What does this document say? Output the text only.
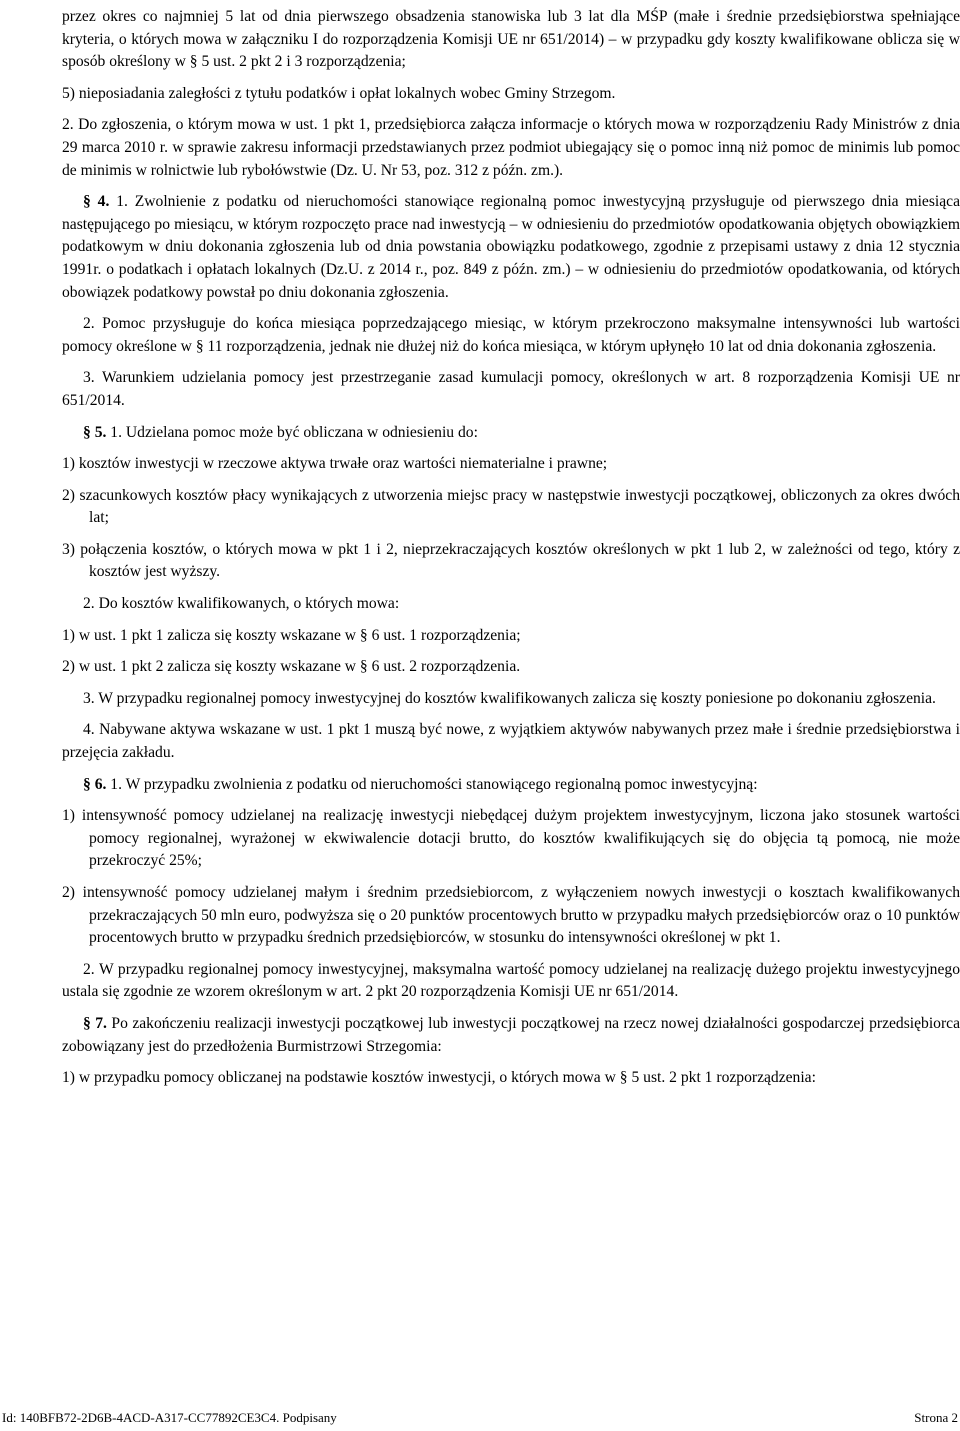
przez okres co najmniej 5 lat od dnia pierwszego obsadzenia stanowiska lub 3 lat dla MŚP (małe i średnie przedsiębiorstwa spełniające kryteria, o których mowa w załączniku I do rozporządzenia Komisji UE nr 651/2014) – w przypadku gdy koszty kwalifikowane oblicza się w sposób określony w § 5 ust. 2 pkt 2 i 3 rozporządzenia;

5) nieposiadania zaległości z tytułu podatków i opłat lokalnych wobec Gminy Strzegom.

2. Do zgłoszenia, o którym mowa w ust. 1 pkt 1, przedsiębiorca załącza informacje o których mowa w rozporządzeniu Rady Ministrów z dnia 29 marca 2010 r. w sprawie zakresu informacji przedstawianych przez podmiot ubiegający się o pomoc inną niż pomoc de minimis lub pomoc de minimis w rolnictwie lub rybołówstwie (Dz. U. Nr 53, poz. 312 z późn. zm.).

§ 4. 1. Zwolnienie z podatku od nieruchomości stanowiące regionalną pomoc inwestycyjną przysługuje od pierwszego dnia miesiąca następującego po miesiącu, w którym rozpoczęto prace nad inwestycją – w odniesieniu do przedmiotów opodatkowania objętych obowiązkiem podatkowym w dniu dokonania zgłoszenia lub od dnia powstania obowiązku podatkowego, zgodnie z przepisami ustawy z dnia 12 stycznia 1991r. o podatkach i opłatach lokalnych (Dz.U. z 2014 r., poz. 849 z późn. zm.) – w odniesieniu do przedmiotów opodatkowania, od których obowiązek podatkowy powstał po dniu dokonania zgłoszenia.

2. Pomoc przysługuje do końca miesiąca poprzedzającego miesiąc, w którym przekroczono maksymalne intensywności lub wartości pomocy określone w § 11 rozporządzenia, jednak nie dłużej niż do końca miesiąca, w którym upłynęło 10 lat od dnia dokonania zgłoszenia.

3. Warunkiem udzielania pomocy jest przestrzeganie zasad kumulacji pomocy, określonych w art. 8 rozporządzenia Komisji UE nr 651/2014.

§ 5. 1. Udzielana pomoc może być obliczana w odniesieniu do:

1) kosztów inwestycji w rzeczowe aktywa trwałe oraz wartości niematerialne i prawne;

2) szacunkowych kosztów płacy wynikających z utworzenia miejsc pracy w następstwie inwestycji początkowej, obliczonych za okres dwóch lat;

3) połączenia kosztów, o których mowa w pkt 1 i 2, nieprzekraczających kosztów określonych w pkt 1 lub 2, w zależności od tego, który z kosztów jest wyższy.

2. Do kosztów kwalifikowanych, o których mowa:

1) w ust. 1 pkt 1 zalicza się koszty wskazane w § 6 ust. 1 rozporządzenia;

2) w ust. 1 pkt 2 zalicza się koszty wskazane w § 6 ust. 2 rozporządzenia.

3. W przypadku regionalnej pomocy inwestycyjnej do kosztów kwalifikowanych zalicza się koszty poniesione po dokonaniu zgłoszenia.

4. Nabywane aktywa wskazane w ust. 1 pkt 1 muszą być nowe, z wyjątkiem aktywów nabywanych przez małe i średnie przedsiębiorstwa i przejęcia zakładu.

§ 6. 1. W przypadku zwolnienia z podatku od nieruchomości stanowiącego regionalną pomoc inwestycyjną:

1) intensywność pomocy udzielanej na realizację inwestycji niebędącej dużym projektem inwestycyjnym, liczona jako stosunek wartości pomocy regionalnej, wyrażonej w ekwiwalencie dotacji brutto, do kosztów kwalifikujących się do objęcia tą pomocą, nie może przekroczyć 25%;

2) intensywność pomocy udzielanej małym i średnim przedsiebiorcom, z wyłączeniem nowych inwestycji o kosztach kwalifikowanych przekraczających 50 mln euro, podwyższa się o 20 punktów procentowych brutto w przypadku małych przedsiębiorców oraz o 10 punktów procentowych brutto w przypadku średnich przedsiębiorców, w stosunku do intensywności określonej w pkt 1.

2. W przypadku regionalnej pomocy inwestycyjnej, maksymalna wartość pomocy udzielanej na realizację dużego projektu inwestycyjnego ustala się zgodnie ze wzorem określonym w art. 2 pkt 20 rozporządzenia Komisji UE nr 651/2014.

§ 7. Po zakończeniu realizacji inwestycji początkowej lub inwestycji początkowej na rzecz nowej działalności gospodarczej przedsiębiorca zobowiązany jest do przedłożenia Burmistrzowi Strzegomia:

1) w przypadku pomocy obliczanej na podstawie kosztów inwestycji, o których mowa w § 5 ust. 2 pkt 1 rozporządzenia:

Id: 140BFB72-2D6B-4ACD-A317-CC77892CE3C4. Podpisany	Strona 2
